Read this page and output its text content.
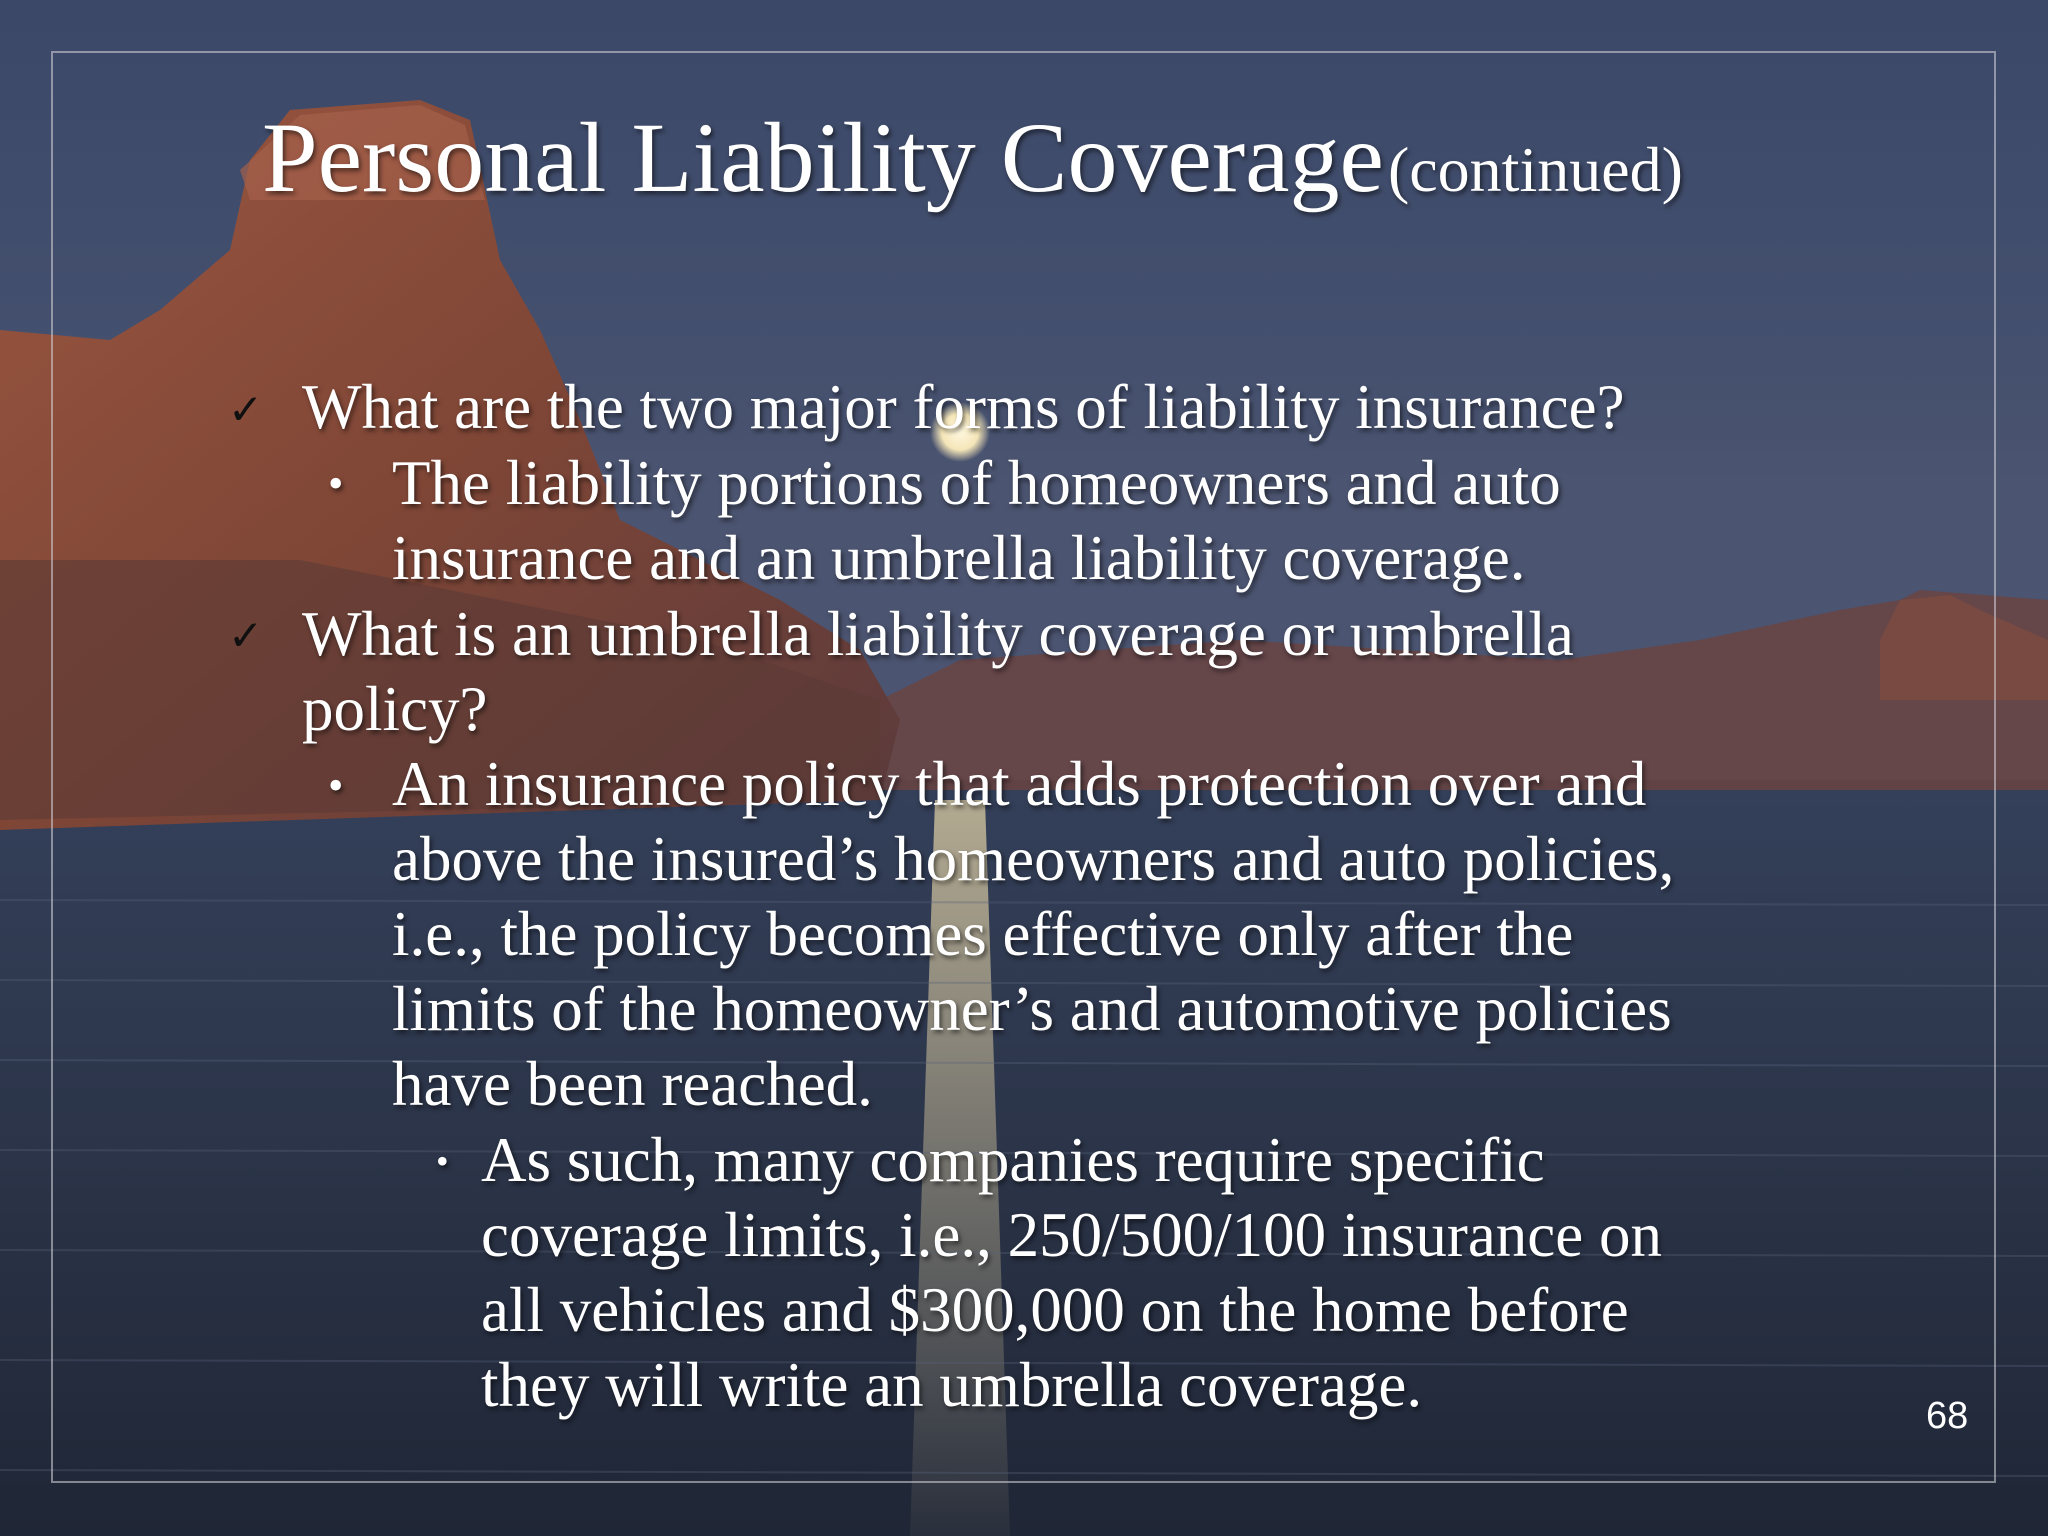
Personal Liability Coverage (continued)
✓ What are the two major forms of liability insurance?
• The liability portions of homeowners and auto
insurance and an umbrella liability coverage.
✓ What is an umbrella liability coverage or umbrella
policy?
• An insurance policy that adds protection over and
above the insured’s homeowners and auto policies,
i.e., the policy becomes effective only after the
limits of the homeowner’s and automotive policies
have been reached.
• As such, many companies require specific
coverage limits, i.e., 250/500/100 insurance on
all vehicles and $300,000 on the home before
they will write an umbrella coverage.	68
